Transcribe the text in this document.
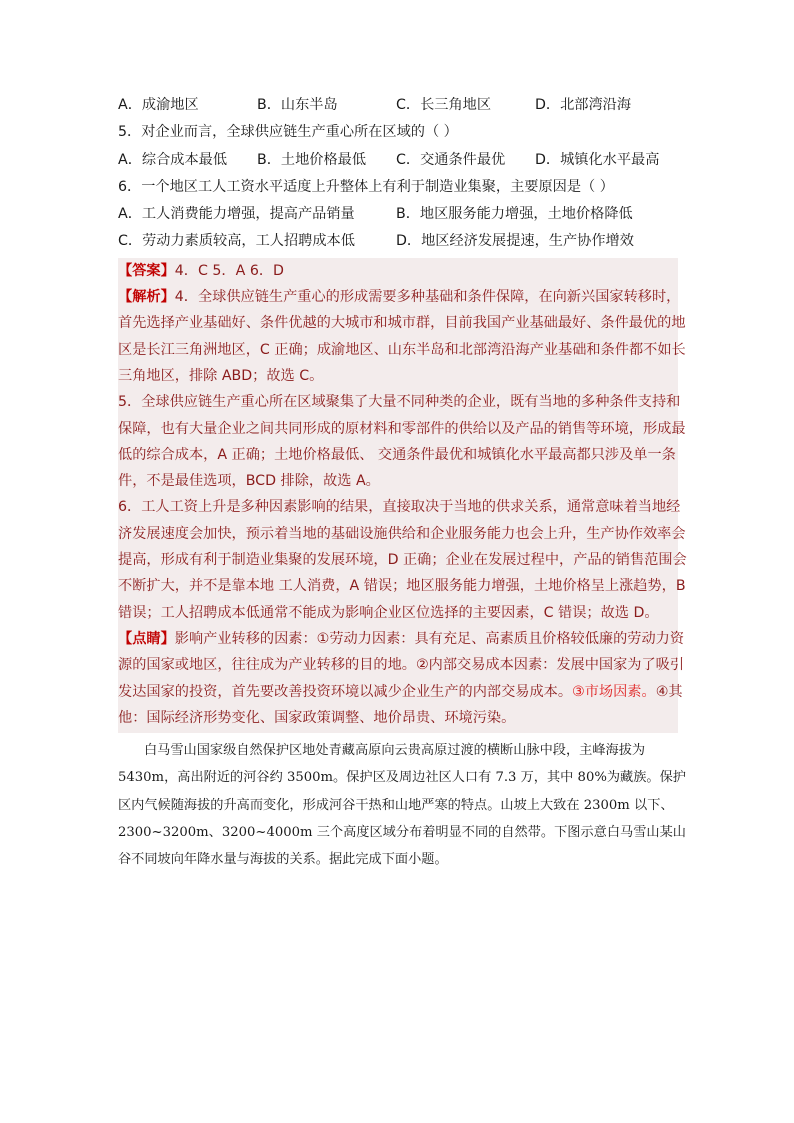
A．成渝地区	B．山东半岛	C．长三角地区	D．北部湾沿海
5．对企业而言，全球供应链生产重心所在区域的（ ）
A．综合成本最低	B．土地价格最低	C．交通条件最优	D．城镇化水平最高
6．一个地区工人工资水平适度上升整体上有利于制造业集聚，主要原因是（ ）
A．工人消费能力增强，提高产品销量	B．地区服务能力增强，土地价格降低
C．劳动力素质较高，工人招聘成本低	D．地区经济发展提速，生产协作增效
【答案】4．C 5．A 6．D
【解析】4．全球供应链生产重心的形成需要多种基础和条件保障，在向新兴国家转移时，
首先选择产业基础好、条件优越的大城市和城市群，目前我国产业基础最好、条件最优的地
区是长江三角洲地区，C 正确；成渝地区、山东半岛和北部湾沿海产业基础和条件都不如长
三角地区，排除 ABD；故选 C。
5．全球供应链生产重心所在区域聚集了大量不同种类的企业，既有当地的多种条件支持和
保障，也有大量企业之间共同形成的原材料和零部件的供给以及产品的销售等环境，形成最
低的综合成本，A 正确；土地价格最低、 交通条件最优和城镇化水平最高都只涉及单一条
件，不是最佳选项，BCD 排除，故选 A。
6．工人工资上升是多种因素影响的结果，直接取决于当地的供求关系，通常意味着当地经
济发展速度会加快，预示着当地的基础设施供给和企业服务能力也会上升，生产协作效率会
提高，形成有利于制造业集聚的发展环境，D 正确；企业在发展过程中，产品的销售范围会
不断扩大，并不是靠本地 工人消费，A 错误；地区服务能力增强，土地价格呈上涨趋势，B
错误；工人招聘成本低通常不能成为影响企业区位选择的主要因素，C 错误；故选 D。
【点睛】影响产业转移的因素：①劳动力因素：具有充足、高素质且价格较低廉的劳动力资
源的国家或地区，往往成为产业转移的目的地。②内部交易成本因素：发展中国家为了吸引
发达国家的投资，首先要改善投资环境以减少企业生产的内部交易成本。③市场因素。④其
他：国际经济形势变化、国家政策调整、地价昂贵、环境污染。
白马雪山国家级自然保护区地处青藏高原向云贵高原过渡的横断山脉中段，主峰海拔为
5430m，高出附近的河谷约 3500m。保护区及周边社区人口有 7.3 万，其中 80%为藏族。保护
区内气候随海拔的升高而变化，形成河谷干热和山地严寒的特点。山坡上大致在 2300m 以下、
2300~3200m、3200~4000m 三个高度区域分布着明显不同的自然带。下图示意白马雪山某山
谷不同坡向年降水量与海拔的关系。据此完成下面小题。
